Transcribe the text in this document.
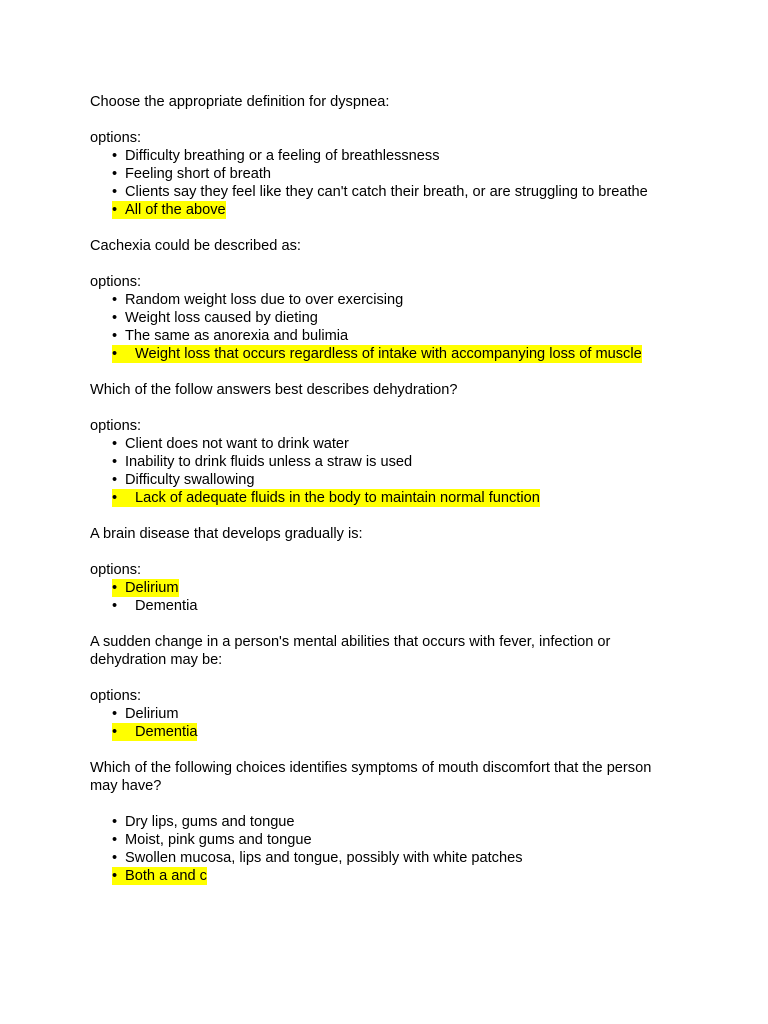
Choose the appropriate definition for dyspnea:

options:

• Difficulty breathing or a feeling of breathlessness
• Feeling short of breath
• Clients say they feel like they can't catch their breath, or are struggling to breathe
• All of the above

Cachexia could be described as:

options:

• Random weight loss due to over exercising
• Weight loss caused by dieting
• The same as anorexia and bulimia
• Weight loss that occurs regardless of intake with accompanying loss of muscle

Which of the follow answers best describes dehydration?

options:

• Client does not want to drink water
• Inability to drink fluids unless a straw is used
• Difficulty swallowing
• Lack of adequate fluids in the body to maintain normal function

A brain disease that develops gradually is:

options:

• Delirium
• Dementia

A sudden change in a person's mental abilities that occurs with fever, infection or

dehydration may be:

options:

• Delirium
• Dementia

Which of the following choices identifies symptoms of mouth discomfort that the person

may have?

• Dry lips, gums and tongue
• Moist, pink gums and tongue
• Swollen mucosa, lips and tongue, possibly with white patches
• Both a and c
